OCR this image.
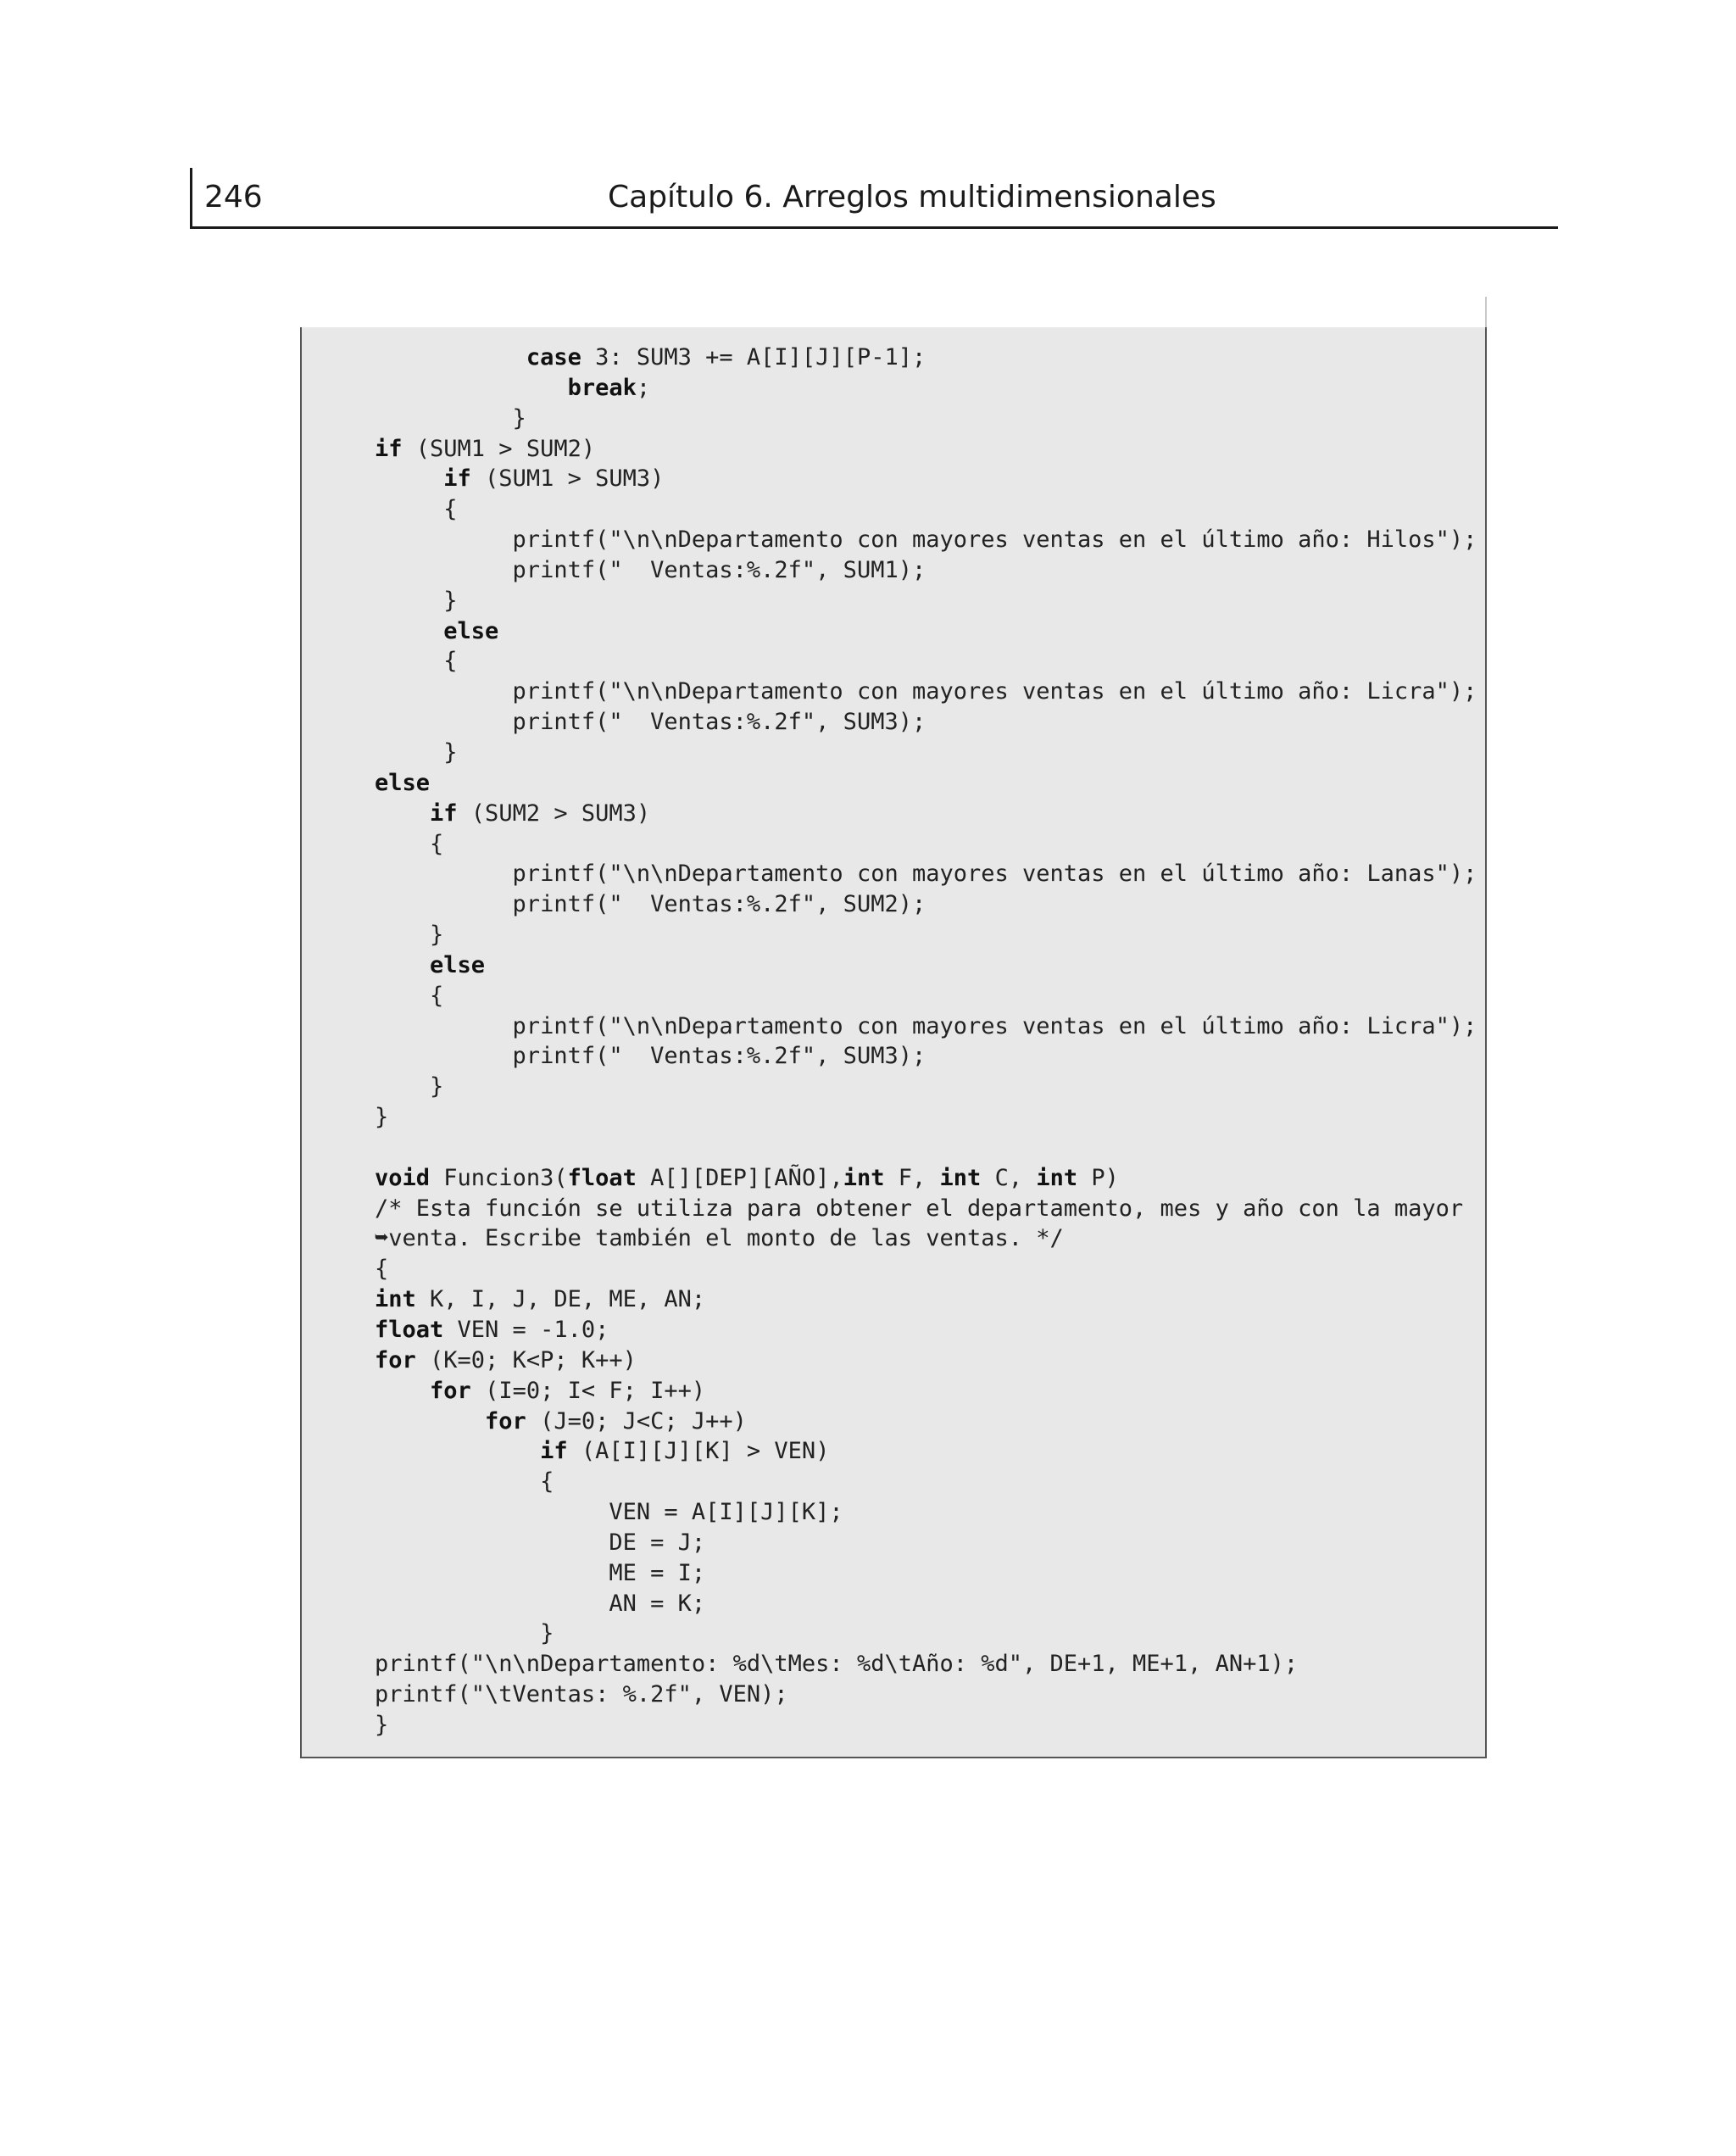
246	Capítulo 6. Arreglos multidimensionales
case 3: SUM3 += A[I][J][P-1];
break;
}
if (SUM1 > SUM2)
if (SUM1 > SUM3)
{
printf("\n\nDepartamento con mayores ventas en el último año: Hilos");
printf("  Ventas:%.2f", SUM1);
}
else
{
printf("\n\nDepartamento con mayores ventas en el último año: Licra");
printf("  Ventas:%.2f", SUM3);
}
else
if (SUM2 > SUM3)
{
printf("\n\nDepartamento con mayores ventas en el último año: Lanas");
printf("  Ventas:%.2f", SUM2);
}
else
{
printf("\n\nDepartamento con mayores ventas en el último año: Licra");
printf("  Ventas:%.2f", SUM3);
}
}
void Funcion3(float A[][DEP][AÑO],int F, int C, int P)
/* Esta función se utiliza para obtener el departamento, mes y año con la mayor
➥venta. Escribe también el monto de las ventas. */
{
int K, I, J, DE, ME, AN;
float VEN = -1.0;
for (K=0; K<P; K++)
for (I=0; I< F; I++)
for (J=0; J<C; J++)
if (A[I][J][K] > VEN)
{
VEN = A[I][J][K];
DE = J;
ME = I;
AN = K;
}
printf("\n\nDepartamento: %d\tMes: %d\tAño: %d", DE+1, ME+1, AN+1);
printf("\tVentas: %.2f", VEN);
}
